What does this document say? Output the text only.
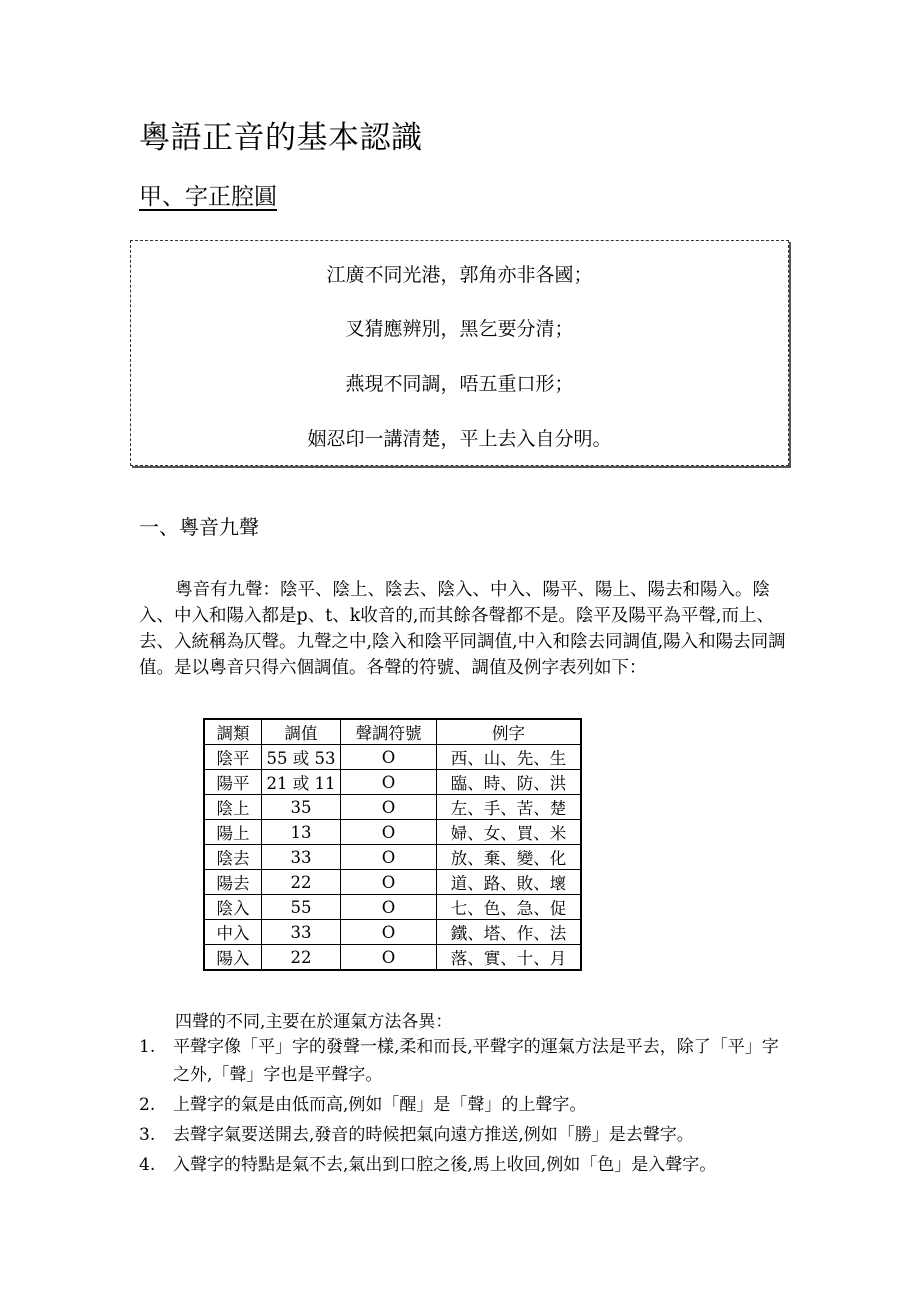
粵語正音的基本認識
甲、字正腔圓
江廣不同光港，郭角亦非各國；
叉猜應辨別，黑乞要分清；
燕現不同調，唔五重口形；
姻忍印一講清楚，平上去入自分明。
一、粵音九聲

粵音有九聲：陰平、陰上、陰去、陰入、中入、陽平、陽上、陽去和陽入。陰入、中入和陽入都是p、t、k收音的,而其餘各聲都不是。陰平及陽平為平聲,而上、去、入統稱為仄聲。九聲之中,陰入和陰平同調值,中入和陰去同調值,陽入和陽去同調值。是以粵音只得六個調值。各聲的符號、調值及例字表列如下：

調類	調值	聲調符號	例字
陰平	55 或 53	O	西、山、先、生
陽平	21 或 11	O	臨、時、防、洪
陰上	35	O	左、手、苦、楚
陽上	13	O	婦、女、買、米
陰去	33	O	放、棄、變、化
陽去	22	O	道、路、敗、壞
陰入	55	O	七、色、急、促
中入	33	O	鐵、塔、作、法
陽入	22	O	落、實、十、月

四聲的不同,主要在於運氣方法各異：

1.	平聲字像「平」字的發聲一樣,柔和而長,平聲字的運氣方法是平去，除了「平」字之外,「聲」字也是平聲字。
2.	上聲字的氣是由低而高,例如「醒」是「聲」的上聲字。
3.	去聲字氣要送開去,發音的時候把氣向遠方推送,例如「勝」是去聲字。
4.	入聲字的特點是氣不去,氣出到口腔之後,馬上收回,例如「色」是入聲字。
